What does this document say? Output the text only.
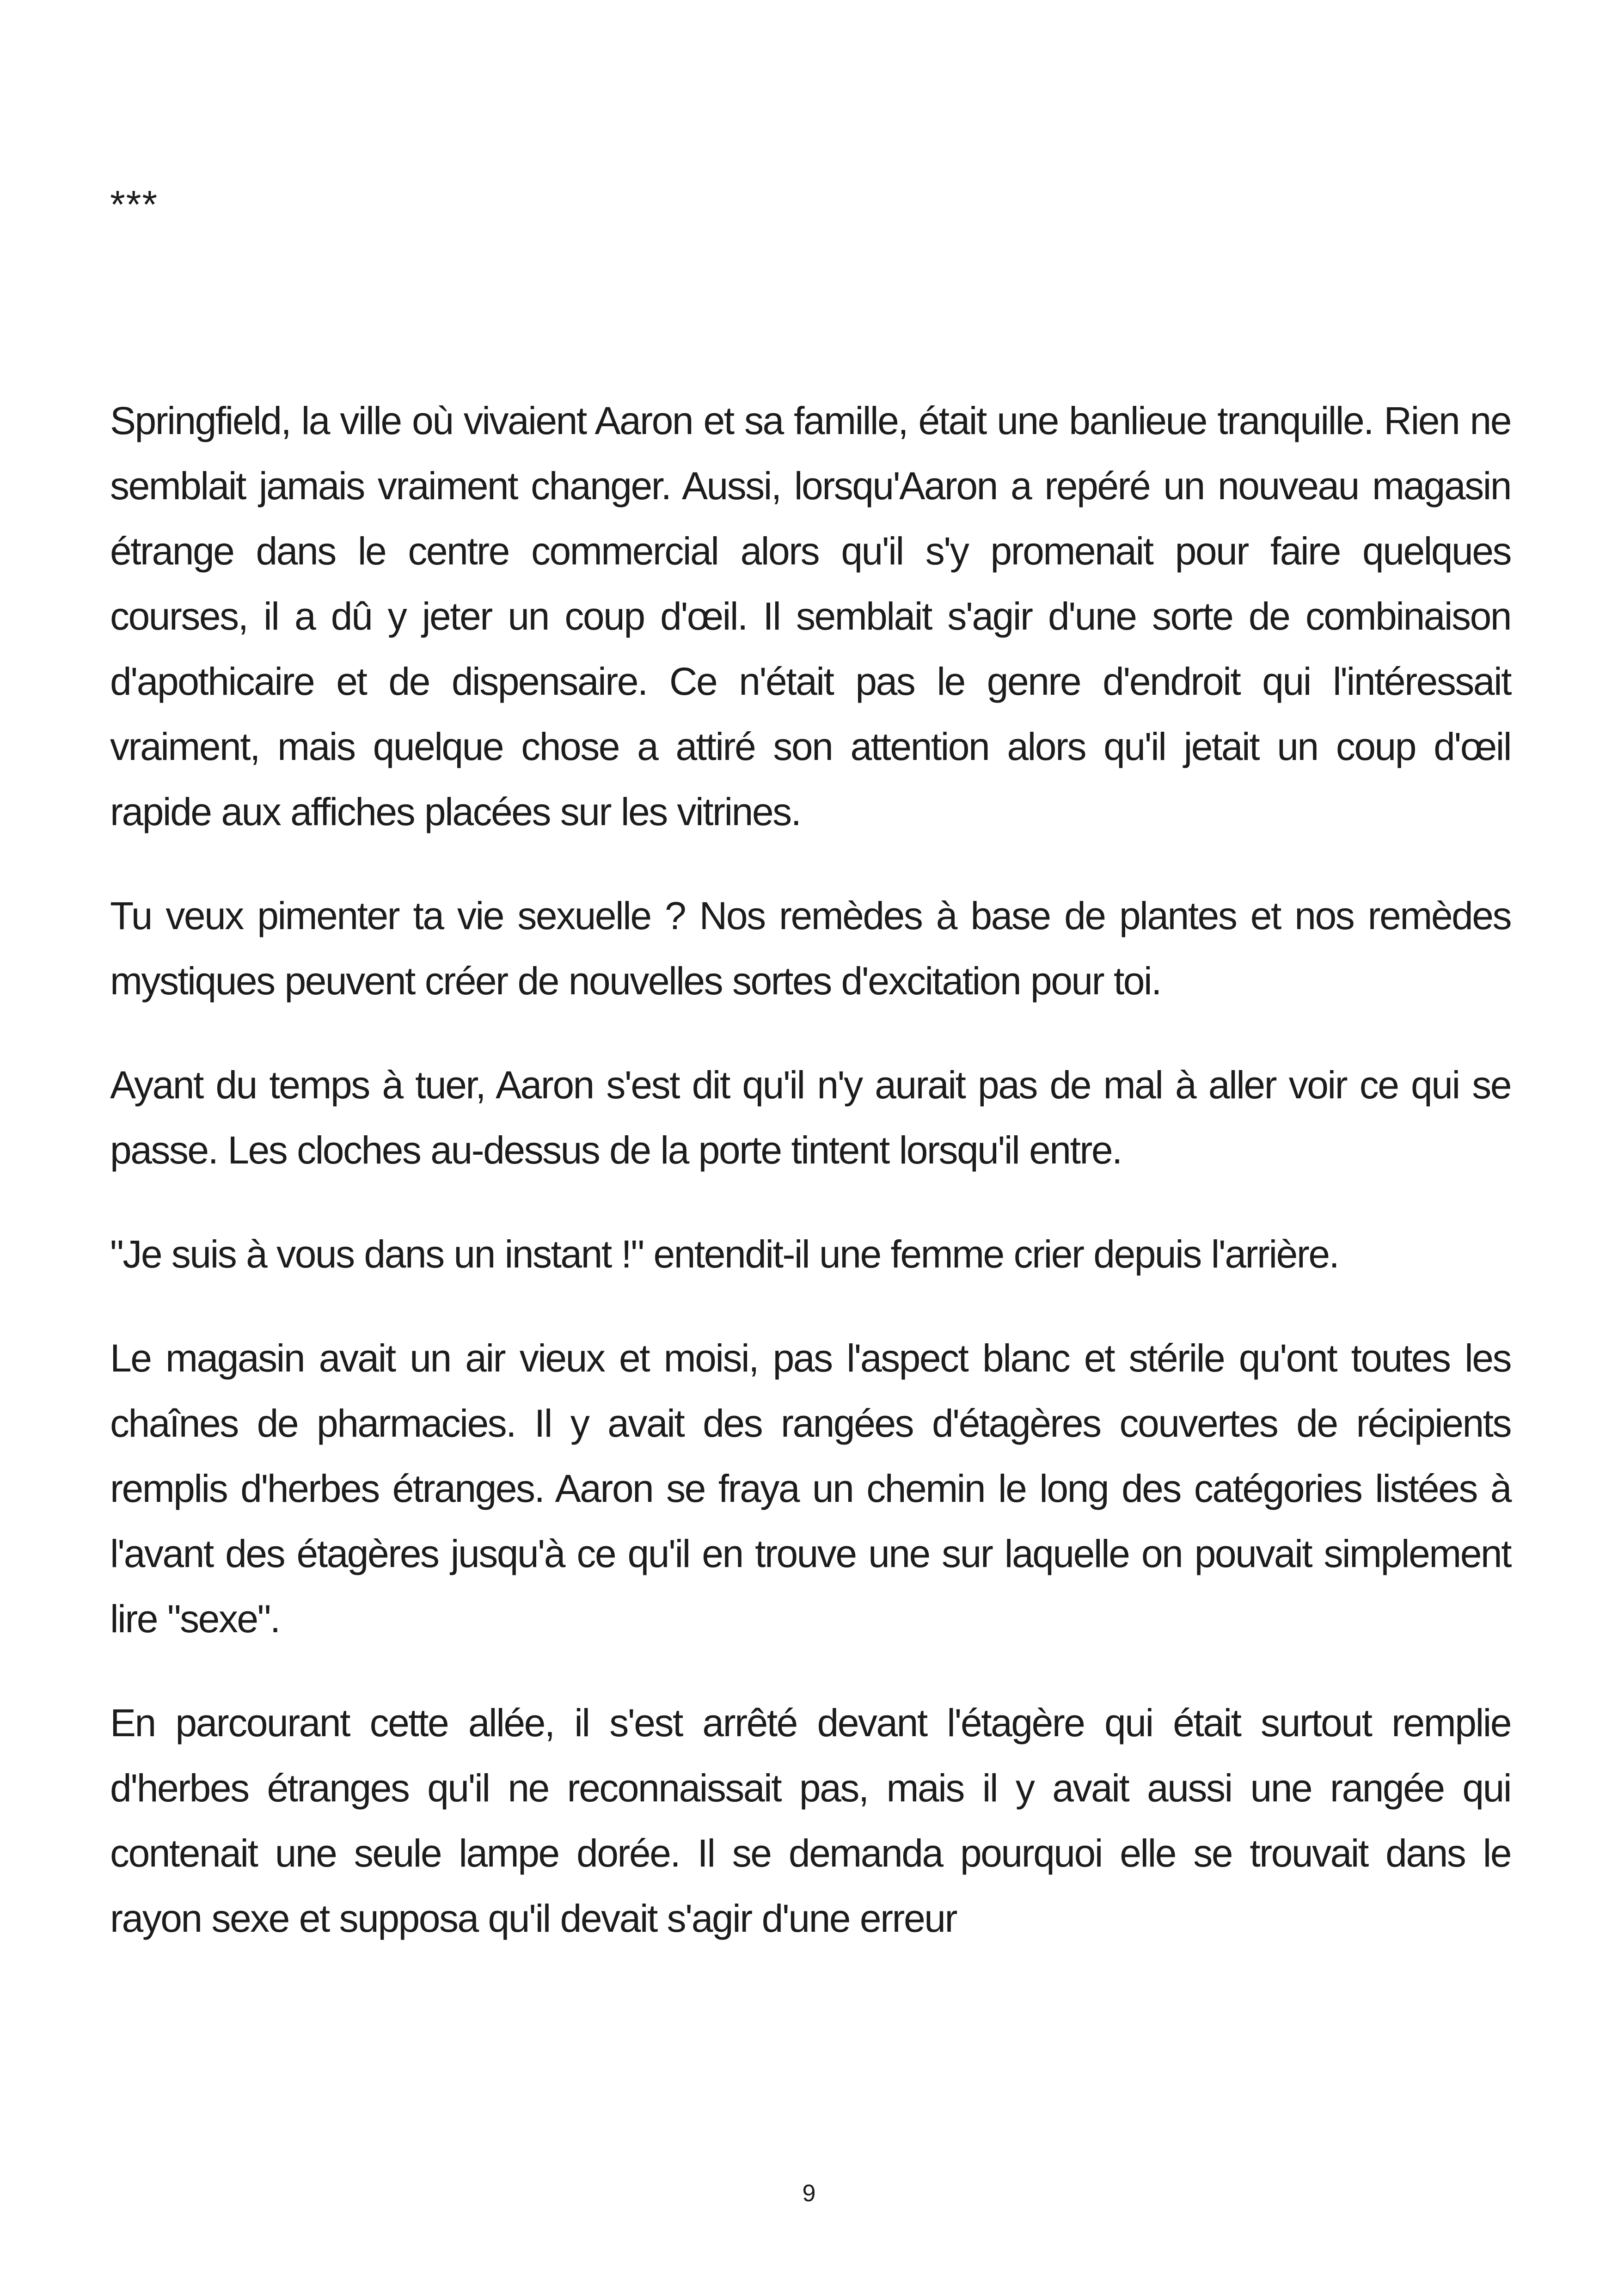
***

Springfield, la ville où vivaient Aaron et sa famille, était une banlieue tranquille. Rien ne semblait jamais vraiment changer. Aussi, lorsqu'Aaron a repéré un nouveau magasin étrange dans le centre commercial alors qu'il s'y promenait pour faire quelques courses, il a dû y jeter un coup d'œil. Il semblait s'agir d'une sorte de combinaison d'apothicaire et de dispensaire. Ce n'était pas le genre d'endroit qui l'intéressait vraiment, mais quelque chose a attiré son attention alors qu'il jetait un coup d'œil rapide aux affiches placées sur les vitrines.

Tu veux pimenter ta vie sexuelle ? Nos remèdes à base de plantes et nos remèdes mystiques peuvent créer de nouvelles sortes d'excitation pour toi.

Ayant du temps à tuer, Aaron s'est dit qu'il n'y aurait pas de mal à aller voir ce qui se passe. Les cloches au-dessus de la porte tintent lorsqu'il entre.

"Je suis à vous dans un instant !" entendit-il une femme crier depuis l'arrière.

Le magasin avait un air vieux et moisi, pas l'aspect blanc et stérile qu'ont toutes les chaînes de pharmacies. Il y avait des rangées d'étagères couvertes de récipients remplis d'herbes étranges. Aaron se fraya un chemin le long des catégories listées à l'avant des étagères jusqu'à ce qu'il en trouve une sur laquelle on pouvait simplement lire "sexe".

En parcourant cette allée, il s'est arrêté devant l'étagère qui était surtout remplie d'herbes étranges qu'il ne reconnaissait pas, mais il y avait aussi une rangée qui contenait une seule lampe dorée. Il se demanda pourquoi elle se trouvait dans le rayon sexe et supposa qu'il devait s'agir d'une erreur

9
